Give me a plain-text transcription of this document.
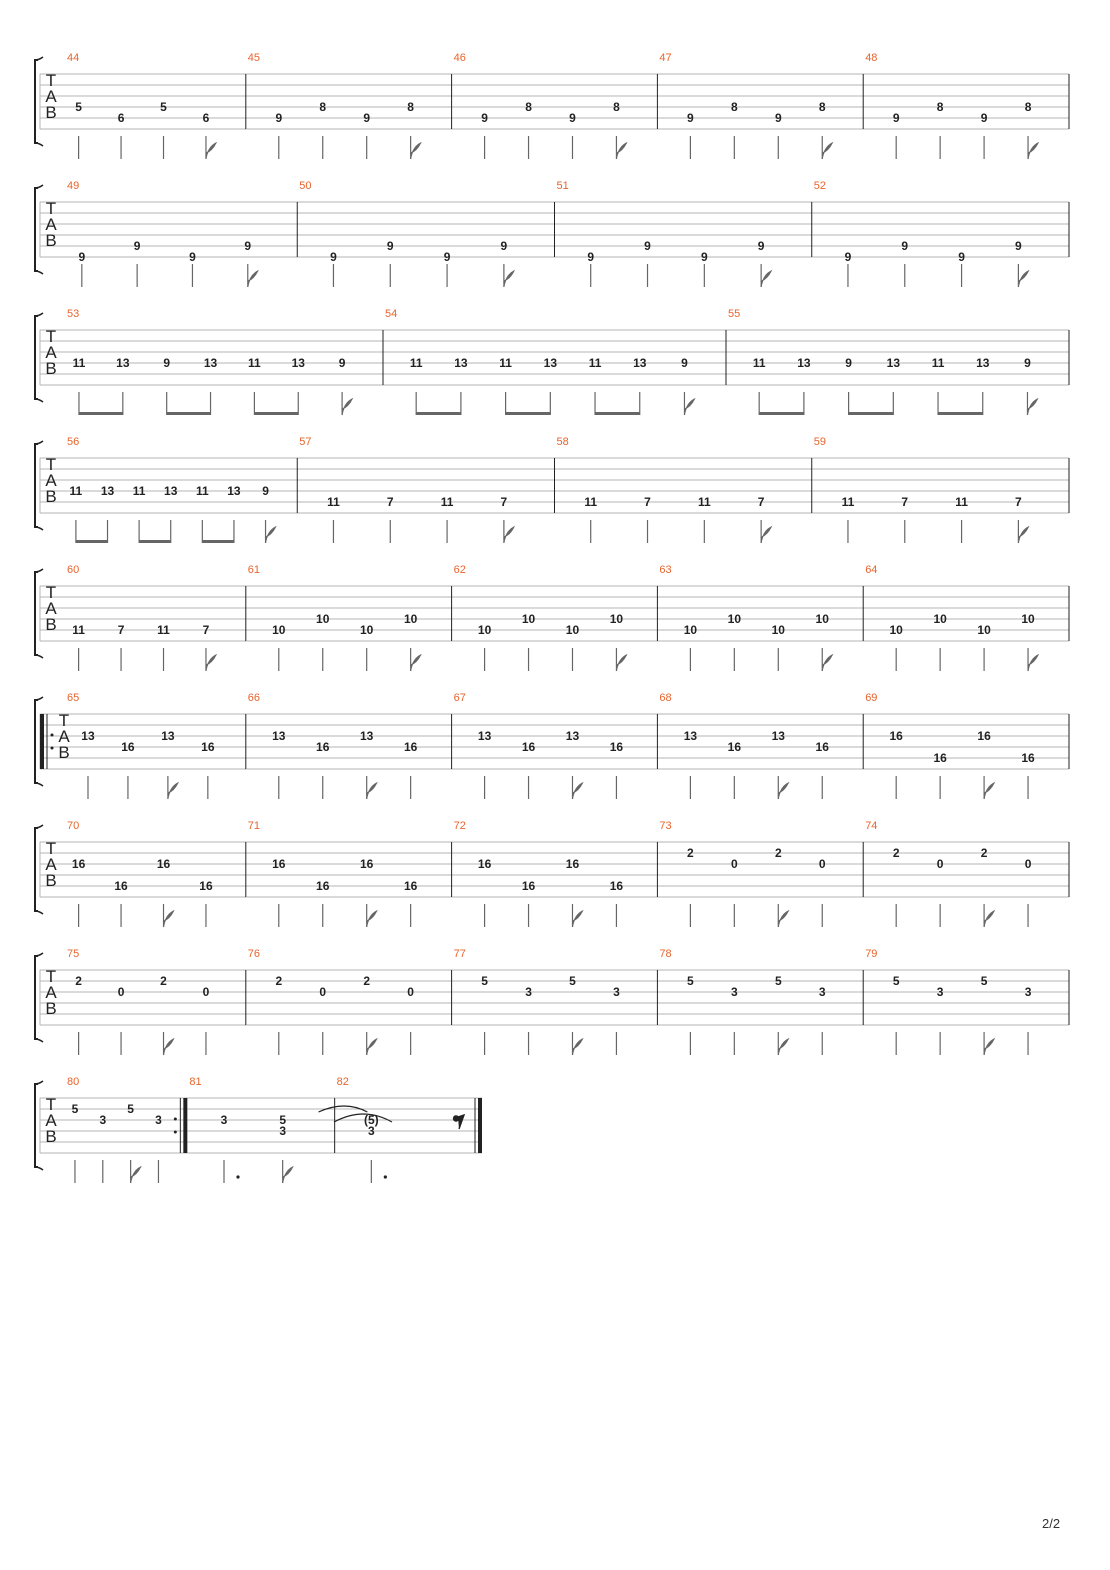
T
A
B
44
5
6
5
6
45
9
8
9
8
46
9
8
9
8
47
9
8
9
8
48
9
8
9
8
T
A
B
49
9
9
9
9
50
9
9
9
9
51
9
9
9
9
52
9
9
9
9
T
A
B
53
11	13	9	13	11	13	9
54
11	13	11	13	11	13	9
55
11	13	9	13	11	13	9
T
A
B
56
11 13 11 13 11 13 9
57
11	7	11	7
58
11	7	11	7
59
11	7	11	7
T
A
B
60
11	7	11	7
61
10
10
10
10
62
10
10
10
10
63
10
10
10
10
64
10
10
10
10
T
A
B
65
13
16
13
16
66
13
16
13
16
67
13
16
13
16
68
13
16
13
16
69
16
16
16
16
T
A
B
70
16
16
16
16
71
16
16
16
16
72
16
16
16
16
73
2
0
2
0
74
2
0
2
0
T
A
B
75
2
0
2
0
76
2
0
2
0
77
5
3
5
3
78
5
3
5
3
79
5
3
5
3
T
A
B
80
5
3
5
3
81
3	5
3
82
(5)
3
2/2
